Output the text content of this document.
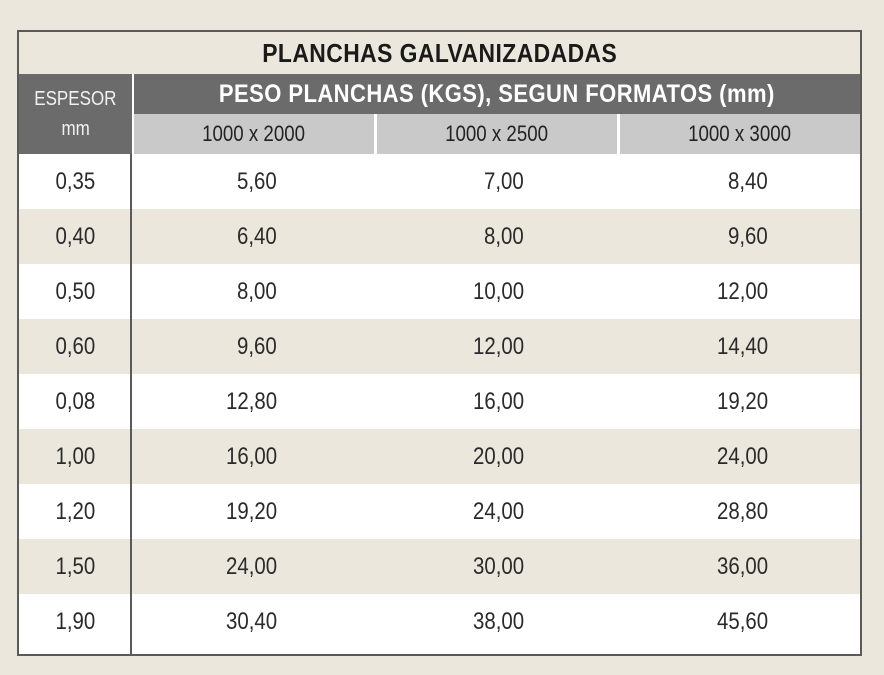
PLANCHAS GALVANIZADADAS
ESPESOR
mm
PESO PLANCHAS (KGS), SEGUN FORMATOS (mm)
1000 x 2000	1000 x 2500	1000 x 3000
0,35	5,60	7,00	8,40
0,40	6,40	8,00	9,60
0,50	8,00	10,00	12,00
0,60	9,60	12,00	14,40
0,08	12,80	16,00	19,20
1,00	16,00	20,00	24,00
1,20	19,20	24,00	28,80
1,50	24,00	30,00	36,00
1,90	30,40	38,00	45,60
